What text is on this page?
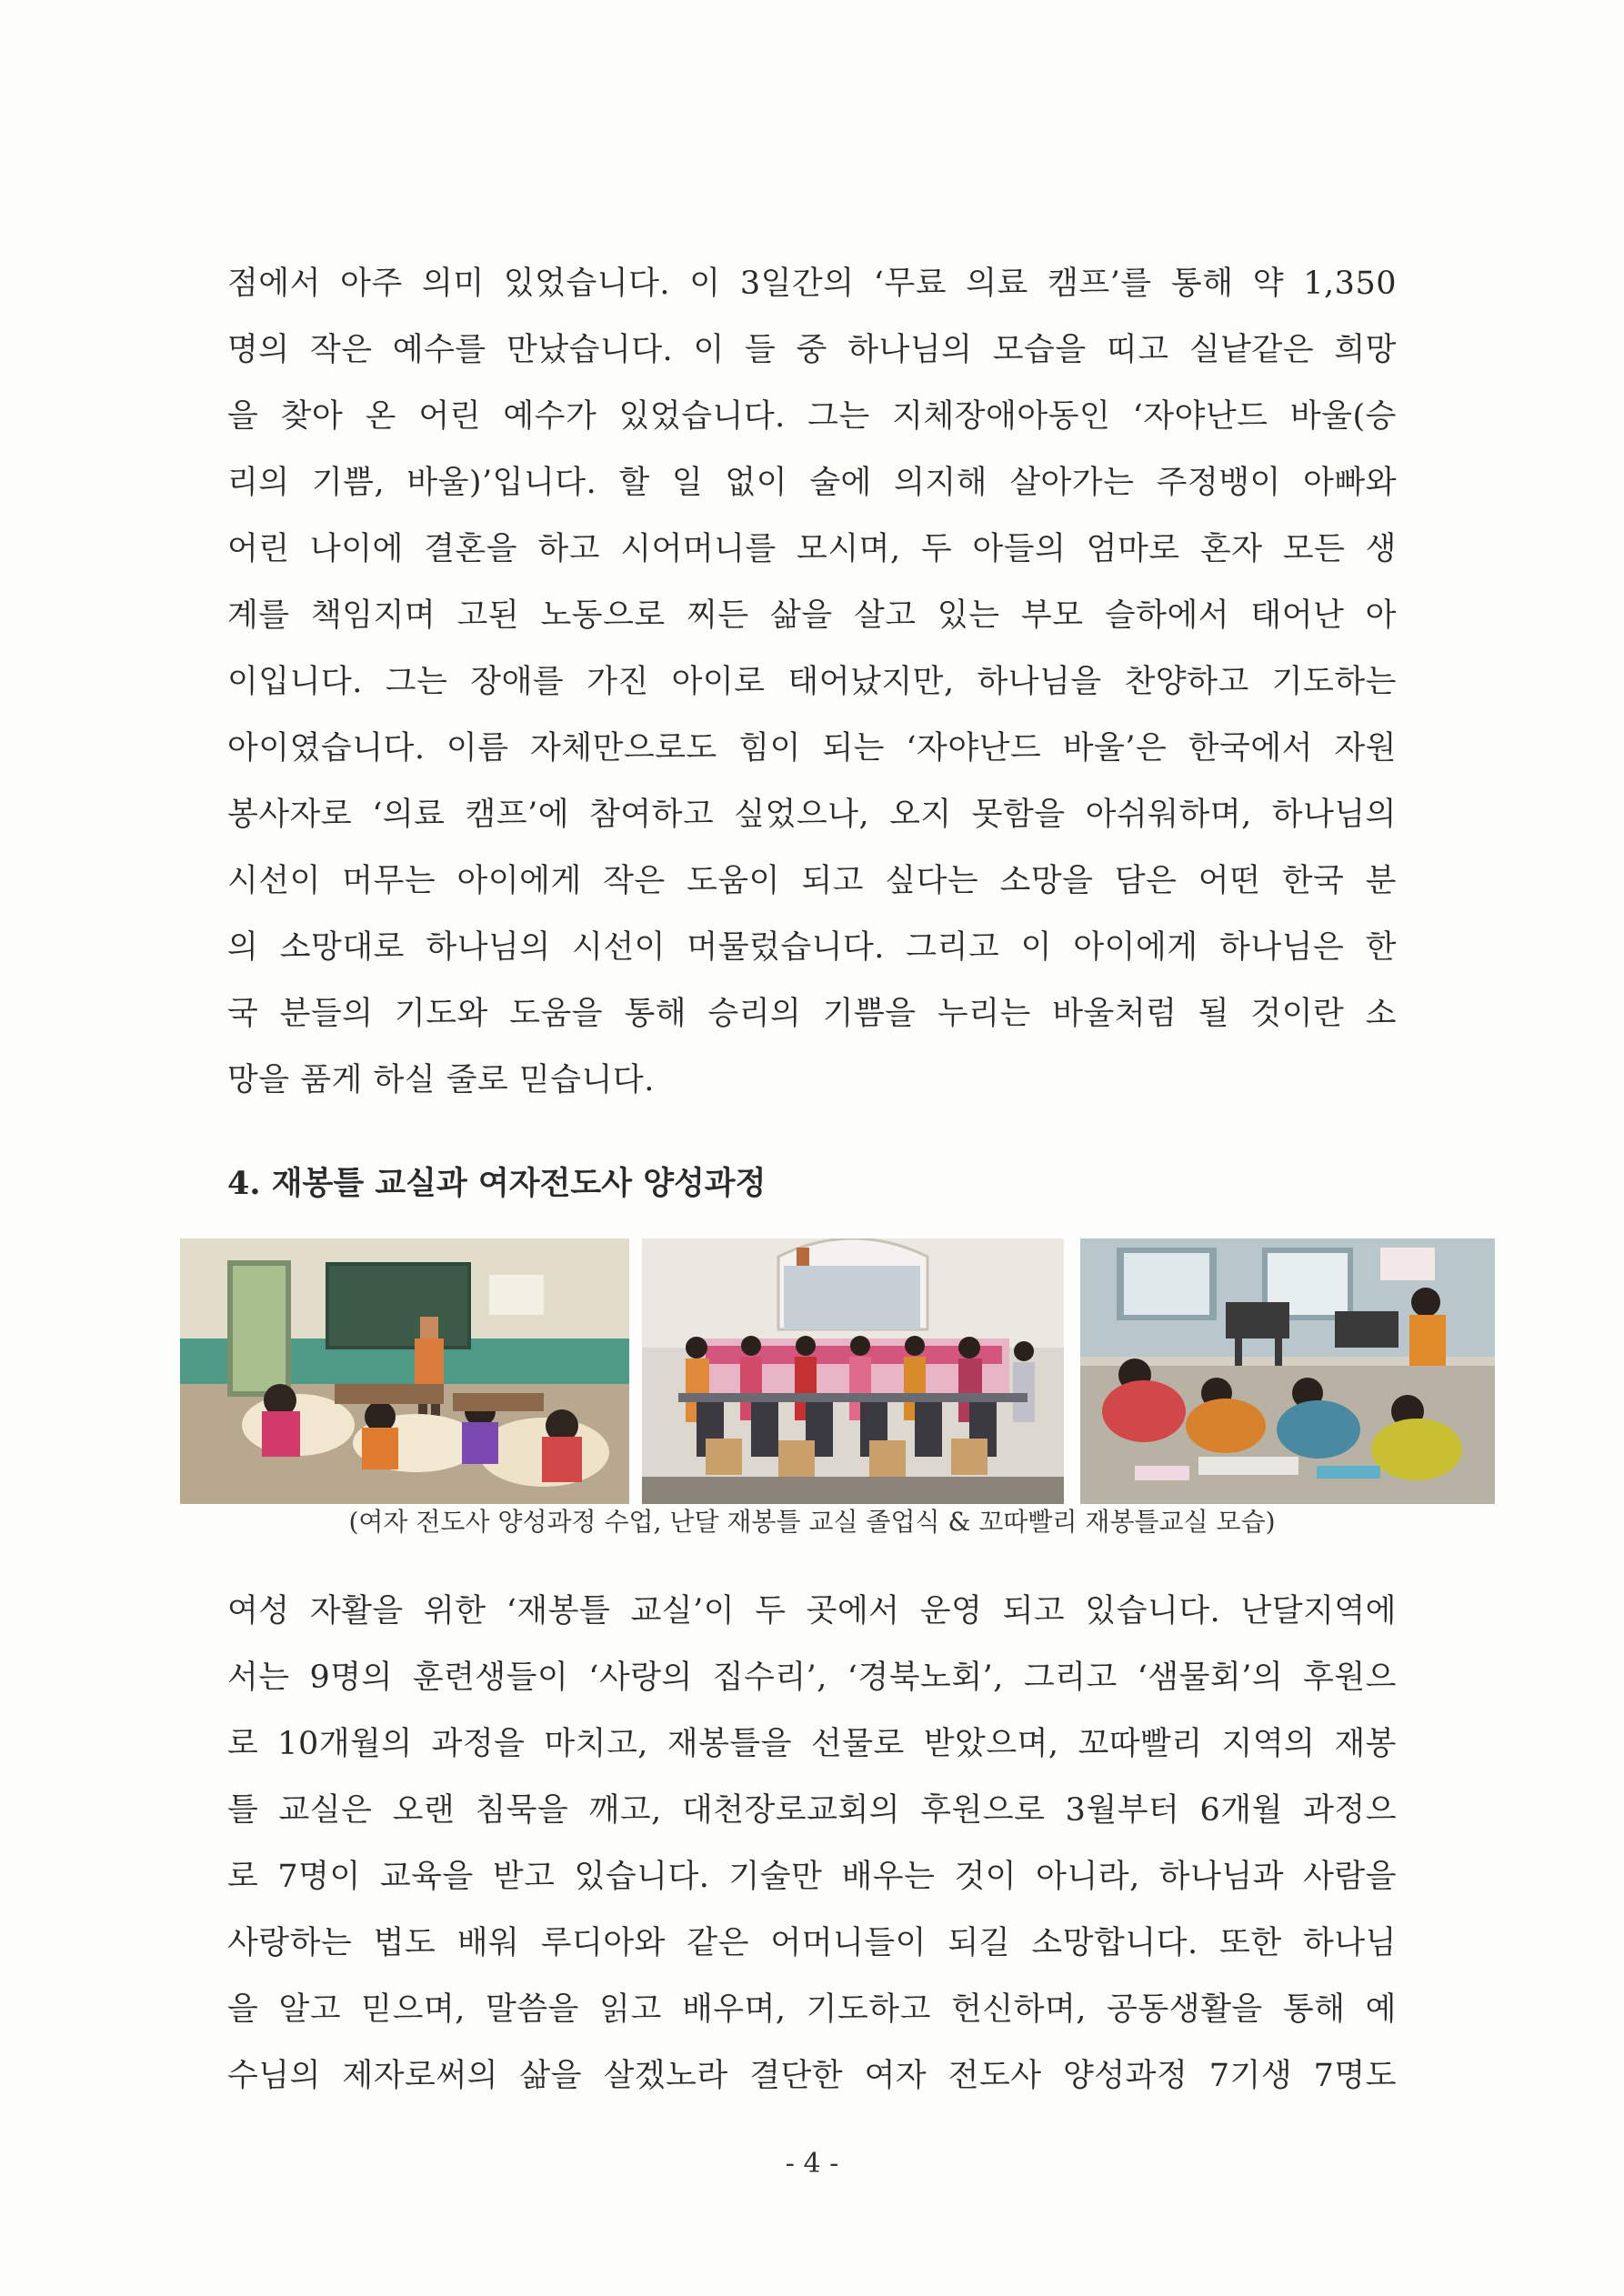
점에서 아주 의미 있었습니다. 이 3일간의 ‘무료 의료 캠프’를 통해 약 1,350
명의 작은 예수를 만났습니다. 이 들 중 하나님의 모습을 띠고 실낱같은 희망
을 찾아 온 어린 예수가 있었습니다. 그는 지체장애아동인 ‘자야난드 바울(승
리의 기쁨, 바울)’입니다. 할 일 없이 술에 의지해 살아가는 주정뱅이 아빠와
어린 나이에 결혼을 하고 시어머니를 모시며, 두 아들의 엄마로 혼자 모든 생
계를 책임지며 고된 노동으로 찌든 삶을 살고 있는 부모 슬하에서 태어난 아
이입니다. 그는 장애를 가진 아이로 태어났지만, 하나님을 찬양하고 기도하는
아이였습니다. 이름 자체만으로도 힘이 되는 ‘자야난드 바울’은 한국에서 자원
봉사자로 ‘의료 캠프’에 참여하고 싶었으나, 오지 못함을 아쉬워하며, 하나님의
시선이 머무는 아이에게 작은 도움이 되고 싶다는 소망을 담은 어떤 한국 분
의 소망대로 하나님의 시선이 머물렀습니다. 그리고 이 아이에게 하나님은 한
국 분들의 기도와 도움을 통해 승리의 기쁨을 누리는 바울처럼 될 것이란 소
망을 품게 하실 줄로 믿습니다.
4. 재봉틀 교실과 여자전도사 양성과정
(여자 전도사 양성과정 수업, 난달 재봉틀 교실 졸업식 & 꼬따빨리 재봉틀교실 모습)
여성 자활을 위한 ‘재봉틀 교실’이 두 곳에서 운영 되고 있습니다. 난달지역에
서는 9명의 훈련생들이 ‘사랑의 집수리’, ‘경북노회’, 그리고 ‘샘물회’의 후원으
로 10개월의 과정을 마치고, 재봉틀을 선물로 받았으며, 꼬따빨리 지역의 재봉
틀 교실은 오랜 침묵을 깨고, 대천장로교회의 후원으로 3월부터 6개월 과정으
로 7명이 교육을 받고 있습니다. 기술만 배우는 것이 아니라, 하나님과 사람을
사랑하는 법도 배워 루디아와 같은 어머니들이 되길 소망합니다. 또한 하나님
을 알고 믿으며, 말씀을 읽고 배우며, 기도하고 헌신하며, 공동생활을 통해 예
수님의 제자로써의 삶을 살겠노라 결단한 여자 전도사 양성과정 7기생 7명도
- 4 -
